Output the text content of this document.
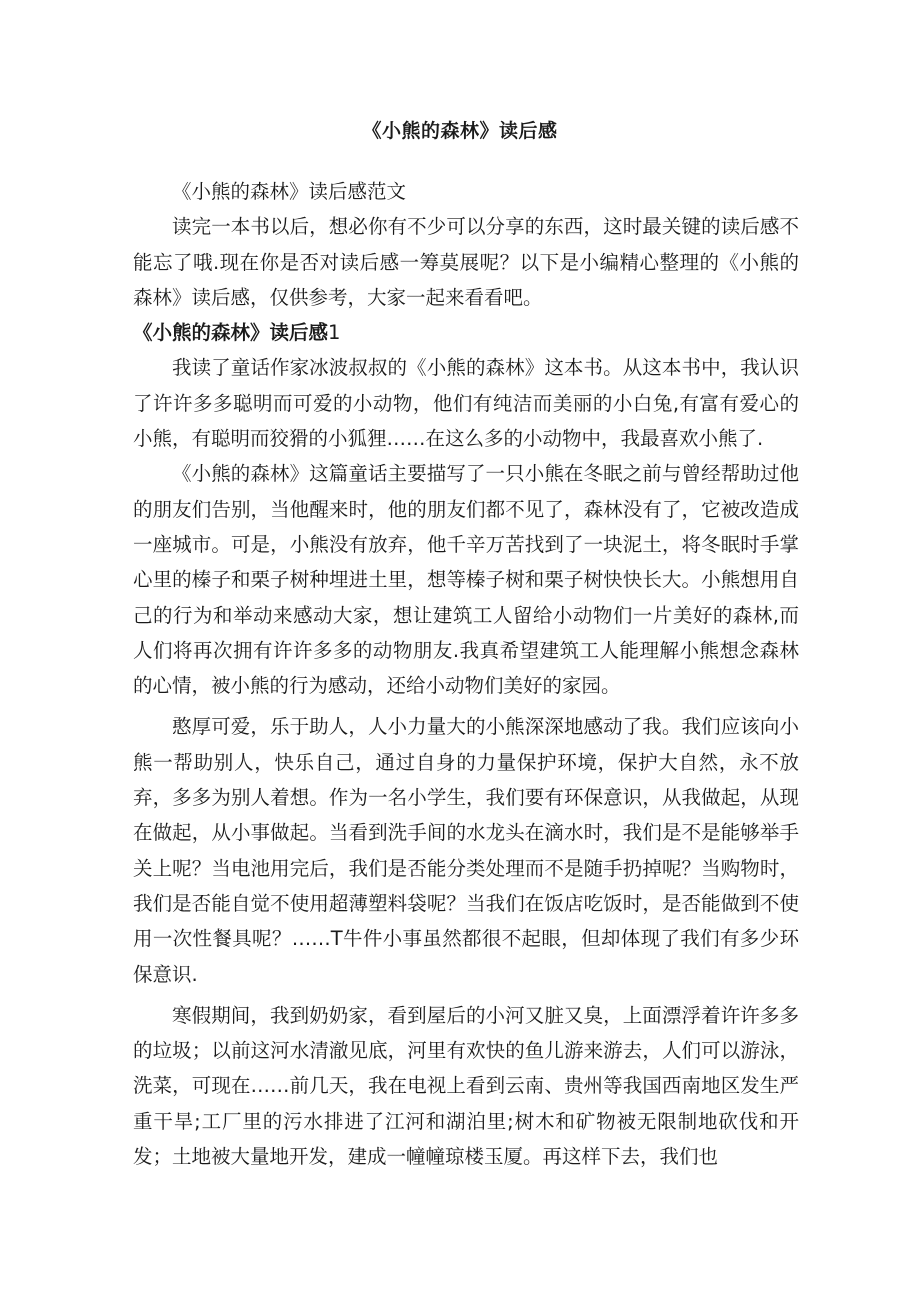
《小熊的森林》读后感

《小熊的森林》读后感范文

读完一本书以后，想必你有不少可以分享的东西，这时最关键的读后感不能忘了哦.现在你是否对读后感一筹莫展呢？以下是小编精心整理的《小熊的森林》读后感，仅供参考，大家一起来看看吧。

《小熊的森林》读后感1

我读了童话作家冰波叔叔的《小熊的森林》这本书。从这本书中，我认识了许许多多聪明而可爱的小动物，他们有纯洁而美丽的小白兔,有富有爱心的小熊，有聪明而狡猾的小狐狸……在这么多的小动物中，我最喜欢小熊了.

《小熊的森林》这篇童话主要描写了一只小熊在冬眠之前与曾经帮助过他的朋友们告别，当他醒来时，他的朋友们都不见了，森林没有了，它被改造成一座城市。可是，小熊没有放弃，他千辛万苦找到了一块泥土，将冬眠时手掌心里的榛子和栗子树种埋进土里，想等榛子树和栗子树快快长大。小熊想用自己的行为和举动来感动大家，想让建筑工人留给小动物们一片美好的森林,而人们将再次拥有许许多多的动物朋友.我真希望建筑工人能理解小熊想念森林的心情，被小熊的行为感动，还给小动物们美好的家园。

憨厚可爱，乐于助人，人小力量大的小熊深深地感动了我。我们应该向小熊一帮助别人，快乐自己，通过自身的力量保护环境，保护大自然，永不放弃，多多为别人着想。作为一名小学生，我们要有环保意识，从我做起，从现在做起，从小事做起。当看到洗手间的水龙头在滴水时，我们是不是能够举手关上呢？当电池用完后，我们是否能分类处理而不是随手扔掉呢？当购物时，我们是否能自觉不使用超薄塑料袋呢？当我们在饭店吃饭时，是否能做到不使用一次性餐具呢？……T牛件小事虽然都很不起眼，但却体现了我们有多少环保意识.

寒假期间，我到奶奶家，看到屋后的小河又脏又臭，上面漂浮着许许多多的垃圾；以前这河水清澈见底，河里有欢快的鱼儿游来游去，人们可以游泳，洗菜，可现在……前几天，我在电视上看到云南、贵州等我国西南地区发生严重干旱;工厂里的污水排进了江河和湖泊里;树木和矿物被无限制地砍伐和开发；土地被大量地开发，建成一幢幢琼楼玉厦。再这样下去，我们也
